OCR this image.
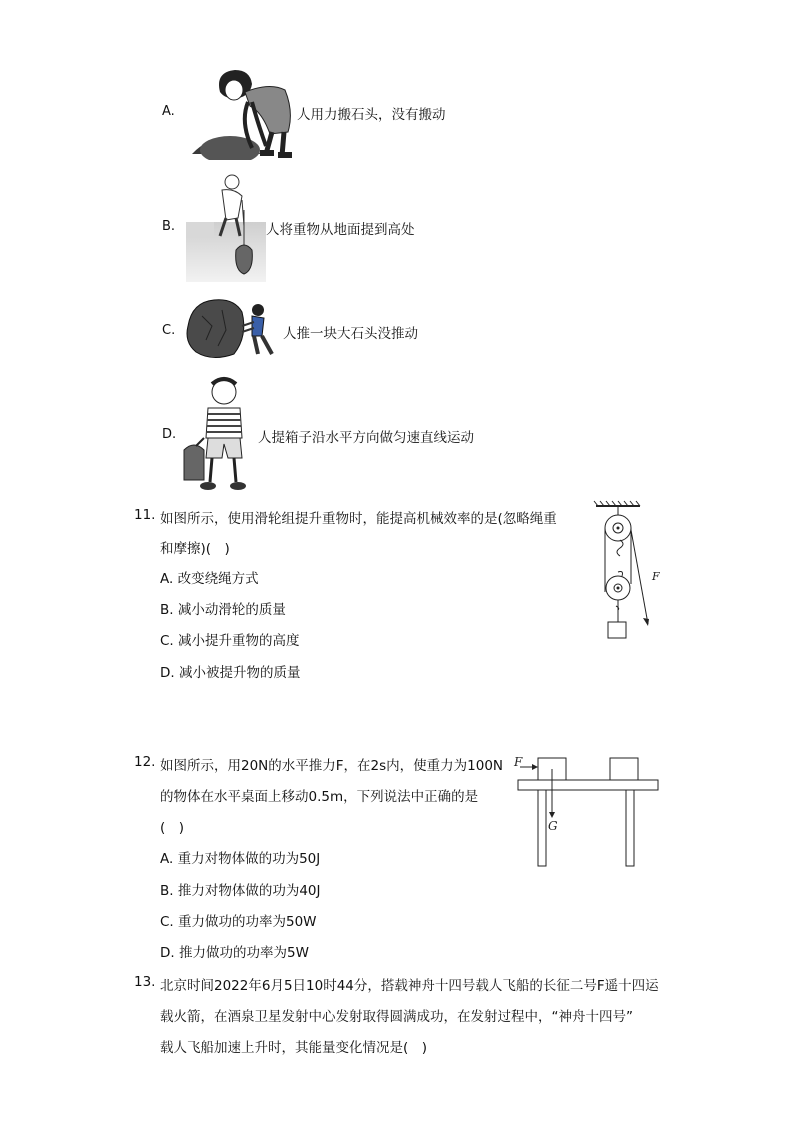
A.	人用力搬石头，没有搬动
B.	人将重物从地面提到高处
C.	人推一块大石头没推动
D.	人提箱子沿水平方向做匀速直线运动
11. 如图所示，使用滑轮组提升重物时，能提高机械效率的是(忽略绳重
和摩擦)(　)
A. 改变绕绳方式
B. 减小动滑轮的质量
C. 减小提升重物的高度
D. 减小被提升物的质量
F
12. 如图所示，用20N的水平推力F，在2s内，使重力为100N
的物体在水平桌面上移动0.5m，下列说法中正确的是
(　)
A. 重力对物体做的功为50J
B. 推力对物体做的功为40J
C. 重力做功的功率为50W
D. 推力做功的功率为5W
F
G
13. 北京时间2022年6月5日10时44分，搭载神舟十四号载人飞船的长征二号F遥十四运
载火箭，在酒泉卫星发射中心发射取得圆满成功，在发射过程中，“神舟十四号”
载人飞船加速上升时，其能量变化情况是(　)
